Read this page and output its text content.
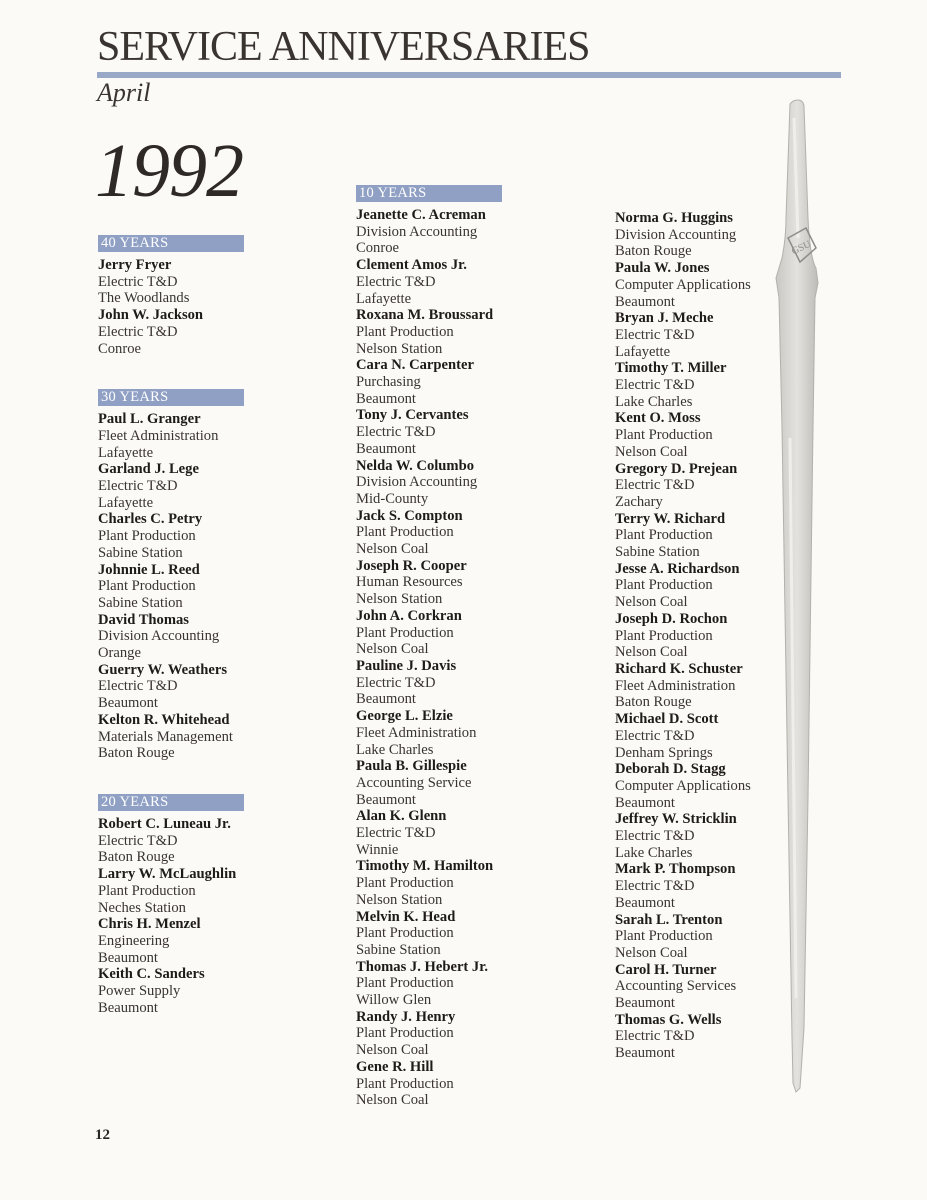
SERVICE ANNIVERSARIES
April
1992
40 YEARS
Jerry Fryer
Electric T&D
The Woodlands
John W. Jackson
Electric T&D
Conroe
30 YEARS
Paul L. Granger
Fleet Administration
Lafayette
Garland J. Lege
Electric T&D
Lafayette
Charles C. Petry
Plant Production
Sabine Station
Johnnie L. Reed
Plant Production
Sabine Station
David Thomas
Division Accounting
Orange
Guerry W. Weathers
Electric T&D
Beaumont
Kelton R. Whitehead
Materials Management
Baton Rouge
20 YEARS
Robert C. Luneau Jr.
Electric T&D
Baton Rouge
Larry W. McLaughlin
Plant Production
Neches Station
Chris H. Menzel
Engineering
Beaumont
Keith C. Sanders
Power Supply
Beaumont
10 YEARS
Jeanette C. Acreman
Division Accounting
Conroe
Clement Amos Jr.
Electric T&D
Lafayette
Roxana M. Broussard
Plant Production
Nelson Station
Cara N. Carpenter
Purchasing
Beaumont
Tony J. Cervantes
Electric T&D
Beaumont
Nelda W. Columbo
Division Accounting
Mid-County
Jack S. Compton
Plant Production
Nelson Coal
Joseph R. Cooper
Human Resources
Nelson Station
John A. Corkran
Plant Production
Nelson Coal
Pauline J. Davis
Electric T&D
Beaumont
George L. Elzie
Fleet Administration
Lake Charles
Paula B. Gillespie
Accounting Service
Beaumont
Alan K. Glenn
Electric T&D
Winnie
Timothy M. Hamilton
Plant Production
Nelson Station
Melvin K. Head
Plant Production
Sabine Station
Thomas J. Hebert Jr.
Plant Production
Willow Glen
Randy J. Henry
Plant Production
Nelson Coal
Gene R. Hill
Plant Production
Nelson Coal
Norma G. Huggins
Division Accounting
Baton Rouge
Paula W. Jones
Computer Applications
Beaumont
Bryan J. Meche
Electric T&D
Lafayette
Timothy T. Miller
Electric T&D
Lake Charles
Kent O. Moss
Plant Production
Nelson Coal
Gregory D. Prejean
Electric T&D
Zachary
Terry W. Richard
Plant Production
Sabine Station
Jesse A. Richardson
Plant Production
Nelson Coal
Joseph D. Rochon
Plant Production
Nelson Coal
Richard K. Schuster
Fleet Administration
Baton Rouge
Michael D. Scott
Electric T&D
Denham Springs
Deborah D. Stagg
Computer Applications
Beaumont
Jeffrey W. Stricklin
Electric T&D
Lake Charles
Mark P. Thompson
Electric T&D
Beaumont
Sarah L. Trenton
Plant Production
Nelson Coal
Carol H. Turner
Accounting Services
Beaumont
Thomas G. Wells
Electric T&D
Beaumont
GSU
12
